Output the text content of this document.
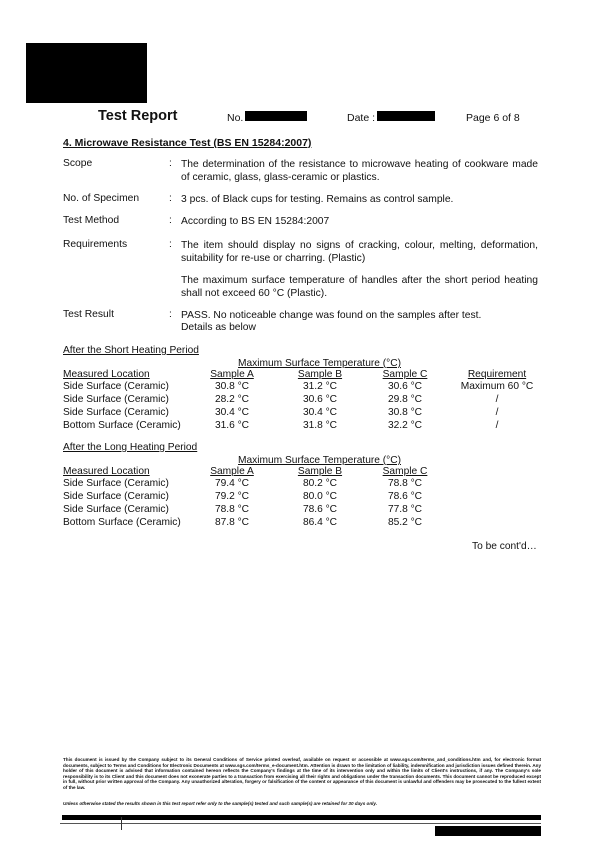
Test Report	No.	Date :	Page 6 of 8
4. Microwave Resistance Test (BS EN 15284:2007)
Scope	: The determination of the resistance to microwave heating of cookware made of ceramic, glass, glass-ceramic or plastics.
No. of Specimen	: 3 pcs. of Black cups for testing. Remains as control sample.
Test Method	: According to BS EN 15284:2007
Requirements	: The item should display no signs of cracking, colour, melting, deformation, suitability for re-use or charring. (Plastic)
The maximum surface temperature of handles after the short period heating shall not exceed 60 °C (Plastic).
Test Result	: PASS. No noticeable change was found on the samples after test.
Details as below
After the Short Heating Period
Maximum Surface Temperature (°C)
Measured Location	Sample A	Sample B	Sample C	Requirement
Side Surface (Ceramic)	30.8 °C	31.2 °C	30.6 °C	Maximum 60 °C
Side Surface (Ceramic)	28.2 °C	30.6 °C	29.8 °C	/
Side Surface (Ceramic)	30.4 °C	30.4 °C	30.8 °C	/
Bottom Surface (Ceramic)	31.6 °C	31.8 °C	32.2 °C	/
After the Long Heating Period
Maximum Surface Temperature (°C)
Measured Location	Sample A	Sample B	Sample C
Side Surface (Ceramic)	79.4 °C	80.2 °C	78.8 °C
Side Surface (Ceramic)	79.2 °C	80.0 °C	78.6 °C
Side Surface (Ceramic)	78.8 °C	78.6 °C	77.8 °C
Bottom Surface (Ceramic)	87.8 °C	86.4 °C	85.2 °C
To be cont'd…
This document is issued by the Company subject to its General Conditions of Service printed overleaf, available on request or accessible at www.sgs.com/terms_and_conditions.htm and, for electronic format documents, subject to Terms and Conditions for Electronic Documents at www.sgs.com/terms_e-document.htm. Attention is drawn to the limitation of liability, indemnification and jurisdiction issues defined therein. Any holder of this document is advised that information contained hereon reflects the Company's findings at the time of its intervention only and within the limits of Client's instructions, if any. The Company's sole responsibility is to its Client and this document does not exonerate parties to a transaction from exercising all their rights and obligations under the transaction documents. This document cannot be reproduced except in full, without prior written approval of the Company. Any unauthorized alteration, forgery or falsification of the content or appearance of this document is unlawful and offenders may be prosecuted to the fullest extent of the law.
Unless otherwise stated the results shown in this test report refer only to the sample(s) tested and such sample(s) are retained for 30 days only.
